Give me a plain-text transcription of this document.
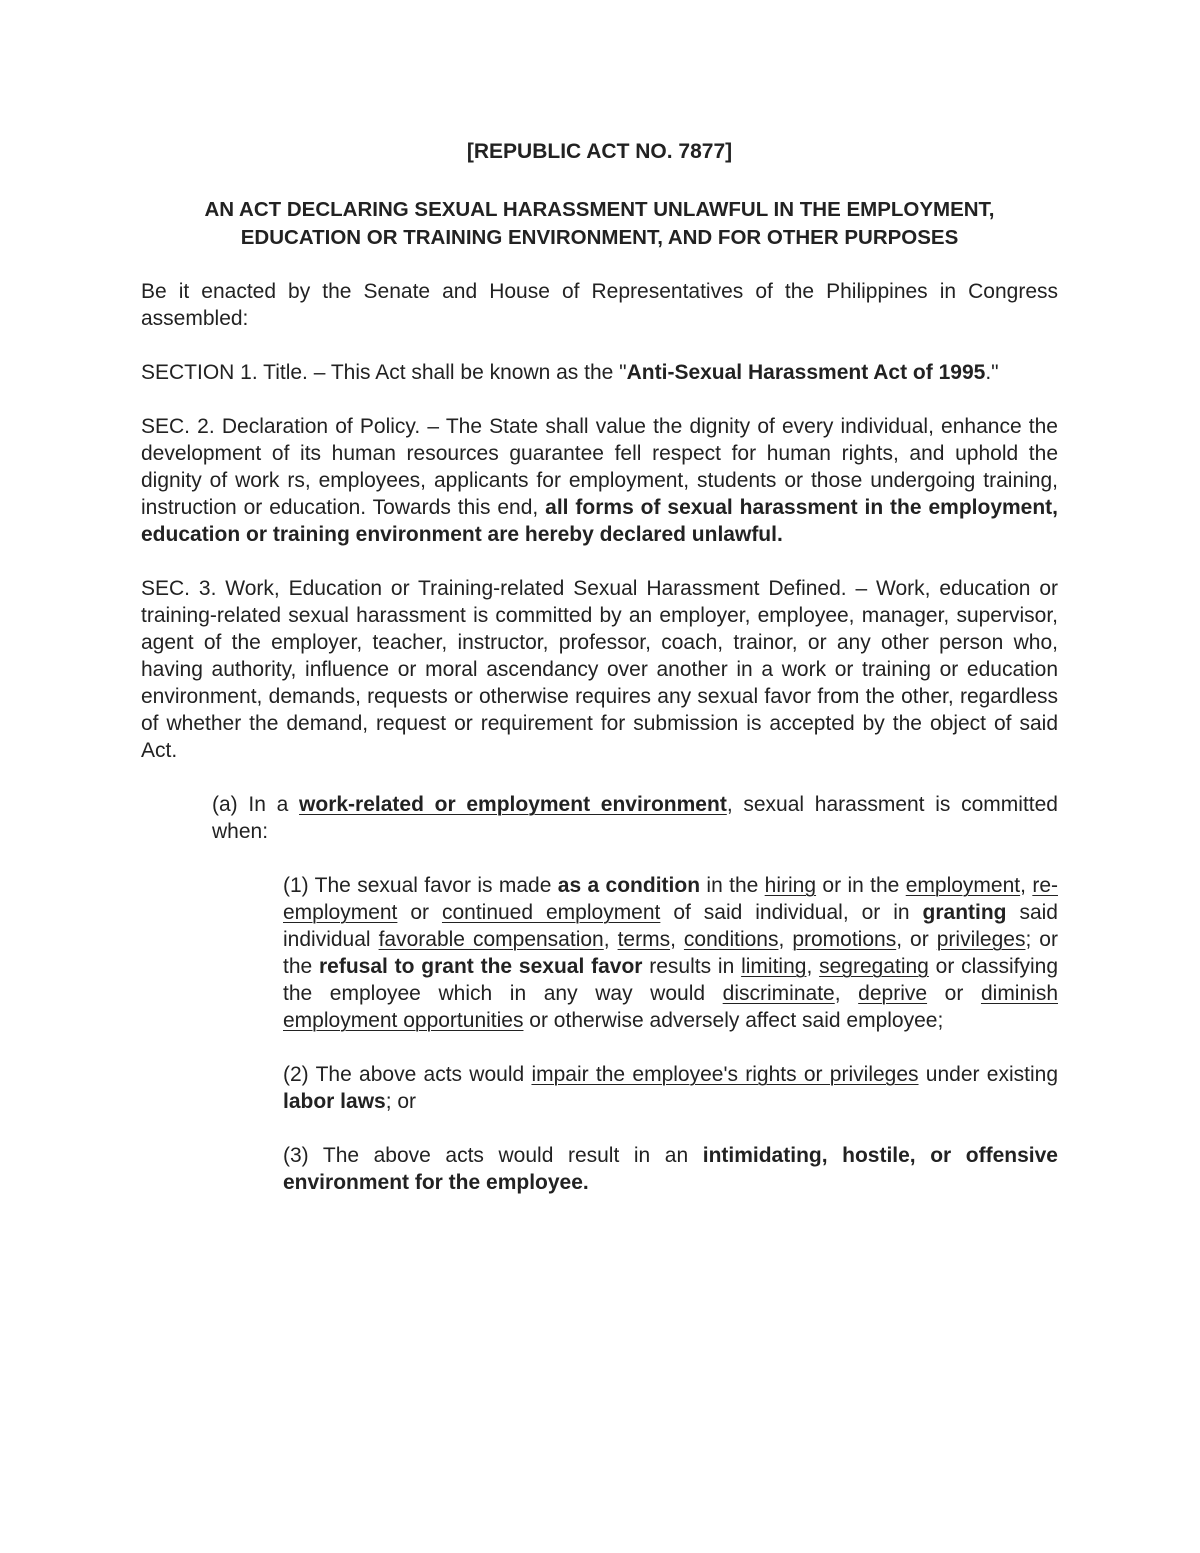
[REPUBLIC ACT NO. 7877]
AN ACT DECLARING SEXUAL HARASSMENT UNLAWFUL IN THE EMPLOYMENT,
EDUCATION OR TRAINING ENVIRONMENT, AND FOR OTHER PURPOSES

Be it enacted by the Senate and House of Representatives of the Philippines in Congress assembled:

SECTION 1. Title. – This Act shall be known as the "Anti-Sexual Harassment Act of 1995."

SEC. 2. Declaration of Policy. – The State shall value the dignity of every individual, enhance the development of its human resources guarantee fell respect for human rights, and uphold the dignity of work rs, employees, applicants for employment, students or those undergoing training, instruction or education. Towards this end, all forms of sexual harassment in the employment, education or training environment are hereby declared unlawful.

SEC. 3. Work, Education or Training-related Sexual Harassment Defined. – Work, education or training-related sexual harassment is committed by an employer, employee, manager, supervisor, agent of the employer, teacher, instructor, professor, coach, trainor, or any other person who, having authority, influence or moral ascendancy over another in a work or training or education environment, demands, requests or otherwise requires any sexual favor from the other, regardless of whether the demand, request or requirement for submission is accepted by the object of said Act.

(a) In a work-related or employment environment, sexual harassment is committed when:

(1) The sexual favor is made as a condition in the hiring or in the employment, re-employment or continued employment of said individual, or in granting said individual favorable compensation, terms, conditions, promotions, or privileges; or the refusal to grant the sexual favor results in limiting, segregating or classifying the employee which in any way would discriminate, deprive or diminish employment opportunities or otherwise adversely affect said employee;

(2) The above acts would impair the employee's rights or privileges under existing labor laws; or

(3) The above acts would result in an intimidating, hostile, or offensive environment for the employee.
